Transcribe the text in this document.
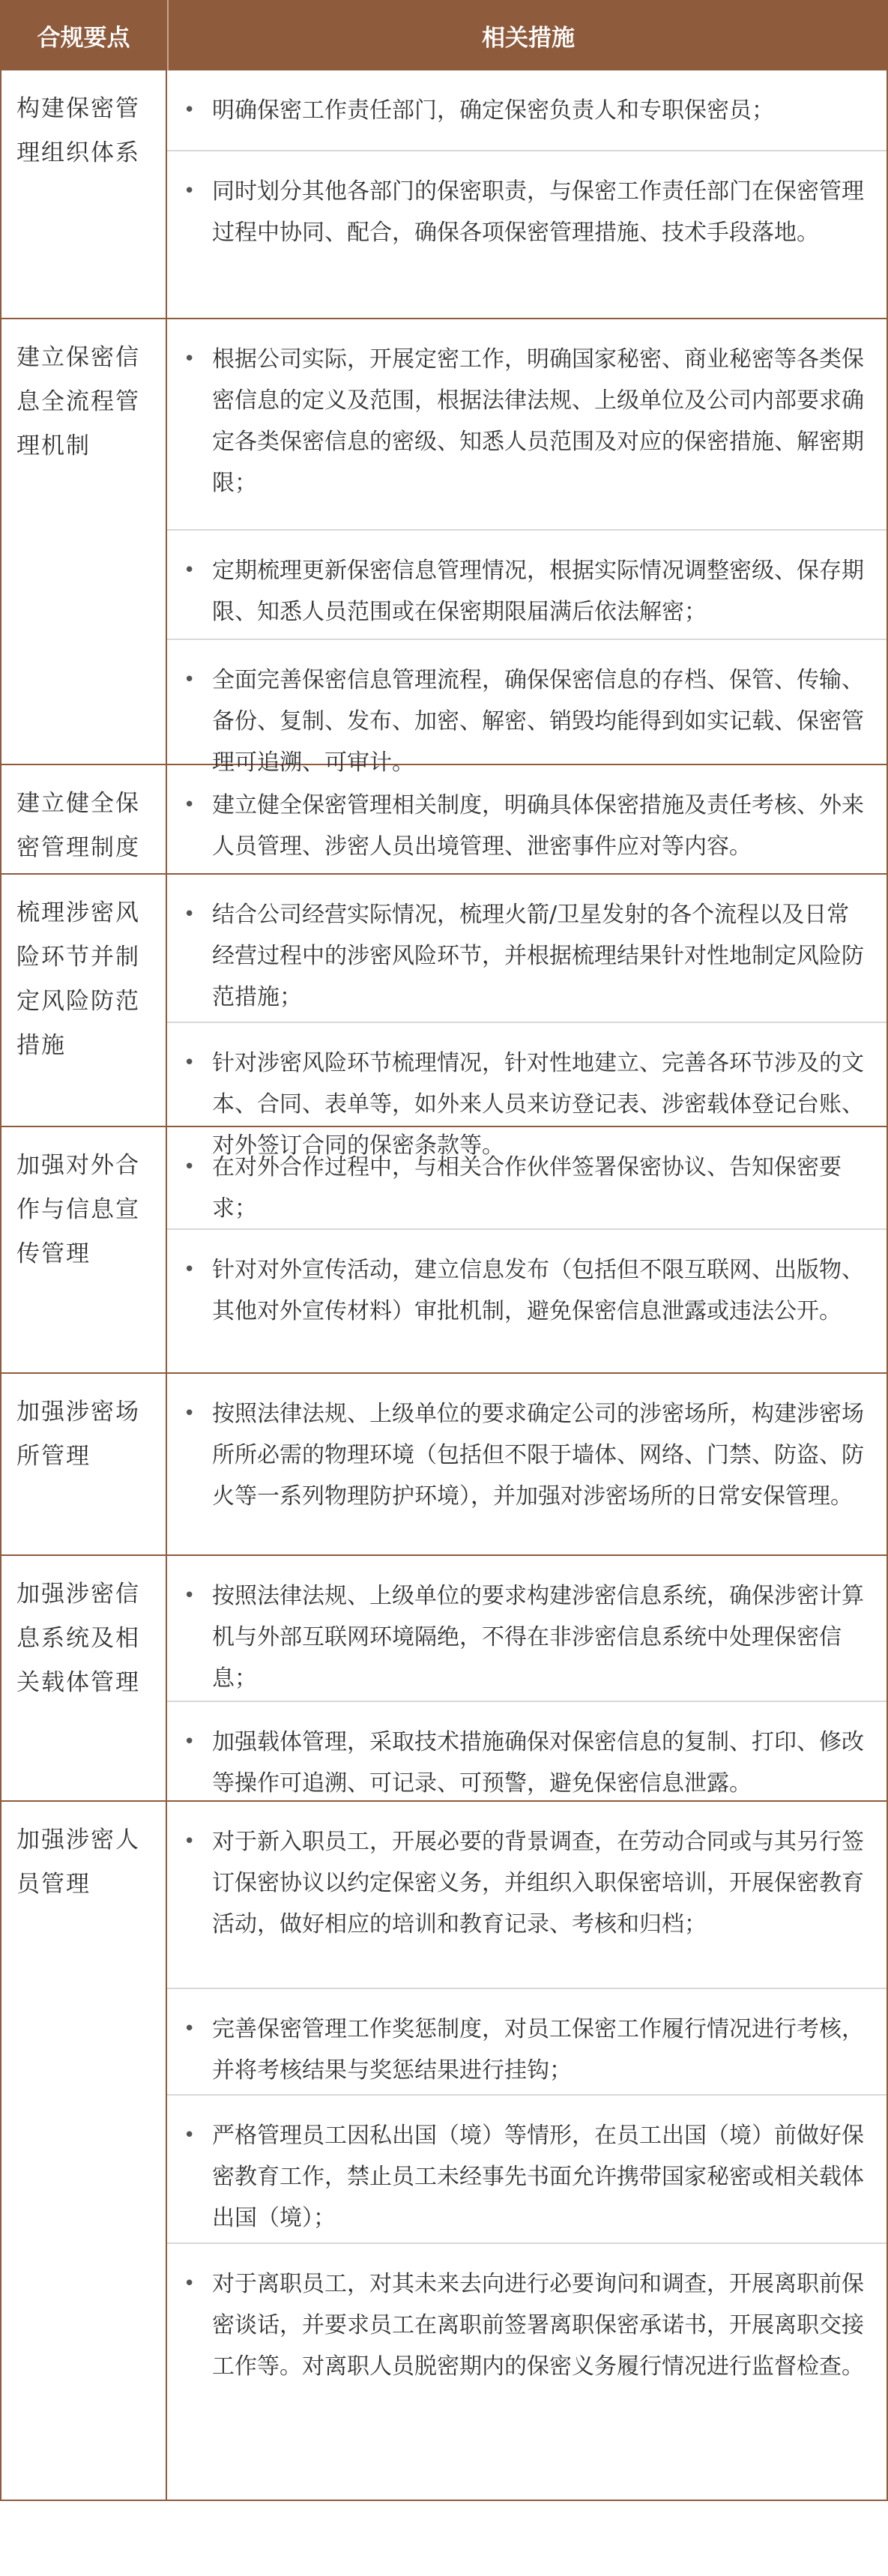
合规要点	相关措施
构建保密管理组织体系
• 明确保密工作责任部门，确定保密负责人和专职保密员；
• 同时划分其他各部门的保密职责，与保密工作责任部门在保密管理过程中协同、配合，确保各项保密管理措施、技术手段落地。
建立保密信息全流程管理机制
• 根据公司实际，开展定密工作，明确国家秘密、商业秘密等各类保密信息的定义及范围，根据法律法规、上级单位及公司内部要求确定各类保密信息的密级、知悉人员范围及对应的保密措施、解密期限；
• 定期梳理更新保密信息管理情况，根据实际情况调整密级、保存期限、知悉人员范围或在保密期限届满后依法解密；
• 全面完善保密信息管理流程，确保保密信息的存档、保管、传输、备份、复制、发布、加密、解密、销毁均能得到如实记载、保密管理可追溯、可审计。
建立健全保密管理制度
• 建立健全保密管理相关制度，明确具体保密措施及责任考核、外来人员管理、涉密人员出境管理、泄密事件应对等内容。
梳理涉密风险环节并制定风险防范措施
• 结合公司经营实际情况，梳理火箭/卫星发射的各个流程以及日常经营过程中的涉密风险环节，并根据梳理结果针对性地制定风险防范措施；
• 针对涉密风险环节梳理情况，针对性地建立、完善各环节涉及的文本、合同、表单等，如外来人员来访登记表、涉密载体登记台账、对外签订合同的保密条款等。
加强对外合作与信息宣传管理
• 在对外合作过程中，与相关合作伙伴签署保密协议、告知保密要求；
• 针对对外宣传活动，建立信息发布（包括但不限互联网、出版物、其他对外宣传材料）审批机制，避免保密信息泄露或违法公开。
加强涉密场所管理
• 按照法律法规、上级单位的要求确定公司的涉密场所，构建涉密场所所必需的物理环境（包括但不限于墙体、网络、门禁、防盗、防火等一系列物理防护环境），并加强对涉密场所的日常安保管理。
加强涉密信息系统及相关载体管理
• 按照法律法规、上级单位的要求构建涉密信息系统，确保涉密计算机与外部互联网环境隔绝，不得在非涉密信息系统中处理保密信息；
• 加强载体管理，采取技术措施确保对保密信息的复制、打印、修改等操作可追溯、可记录、可预警，避免保密信息泄露。
加强涉密人员管理
• 对于新入职员工，开展必要的背景调查，在劳动合同或与其另行签订保密协议以约定保密义务，并组织入职保密培训，开展保密教育活动，做好相应的培训和教育记录、考核和归档；
• 完善保密管理工作奖惩制度，对员工保密工作履行情况进行考核，并将考核结果与奖惩结果进行挂钩；
• 严格管理员工因私出国（境）等情形，在员工出国（境）前做好保密教育工作，禁止员工未经事先书面允许携带国家秘密或相关载体出国（境）；
• 对于离职员工，对其未来去向进行必要询问和调查，开展离职前保密谈话，并要求员工在离职前签署离职保密承诺书，开展离职交接工作等。对离职人员脱密期内的保密义务履行情况进行监督检查。
